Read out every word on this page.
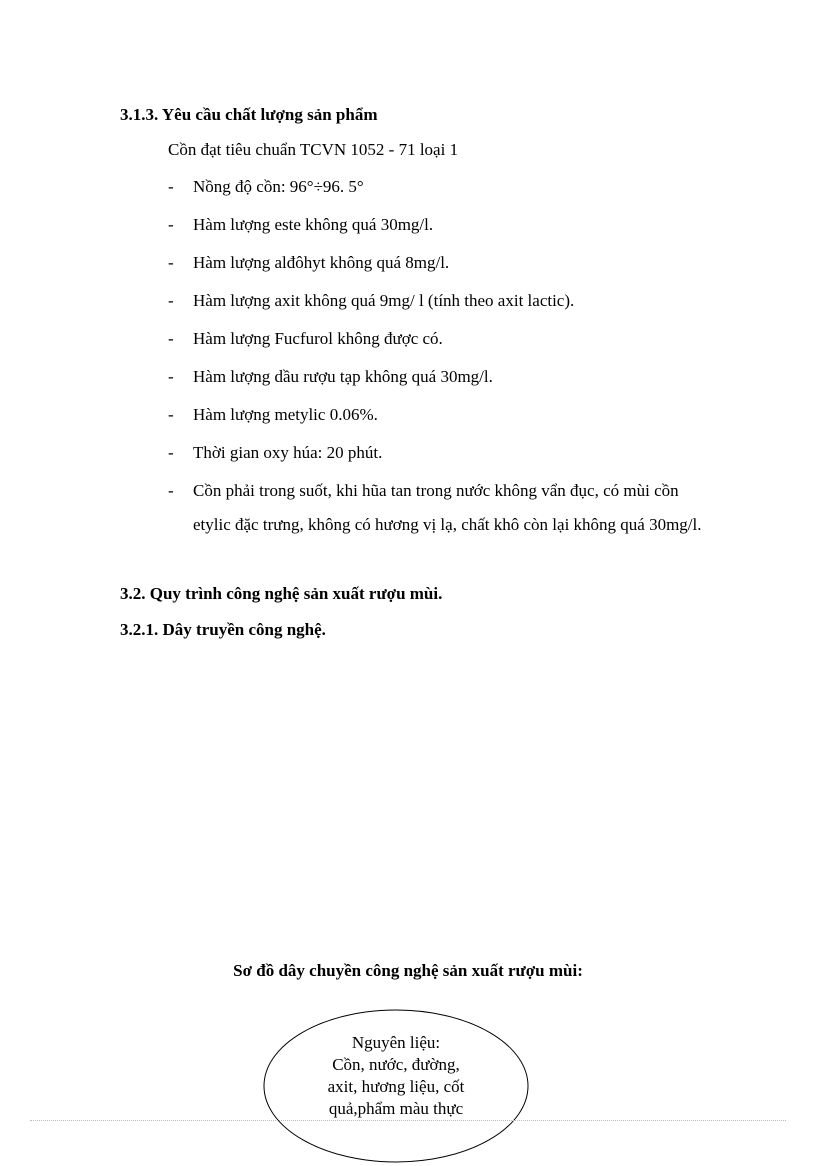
3.1.3. Yêu cầu chất lượng sản phẩm
Cồn đạt tiêu chuẩn TCVN 1052 - 71 loại 1
- Nồng độ cồn: 96°÷96. 5°
- Hàm lượng este không quá 30mg/l.
- Hàm lượng alđôhyt không quá 8mg/l.
- Hàm lượng axit không quá 9mg/ l (tính theo axit lactic).
- Hàm lượng Fucfurol không được có.
- Hàm lượng dầu rượu tạp không quá 30mg/l.
- Hàm lượng metylic 0.06%.
- Thời gian oxy húa: 20 phút.
- Cồn phải trong suốt, khi hũa tan trong nước không vẩn đục, có mùi cồn etylic đặc trưng, không có hương vị lạ, chất khô còn lại không quá 30mg/l.
3.2. Quy trình công nghệ sản xuất rượu mùi.
3.2.1. Dây truyền công nghệ.
Sơ đồ dây chuyền công nghệ sản xuất rượu mùi:
Nguyên liệu:
Cồn, nước, đường,
axit, hương liệu, cốt
quả,phẩm màu thực
